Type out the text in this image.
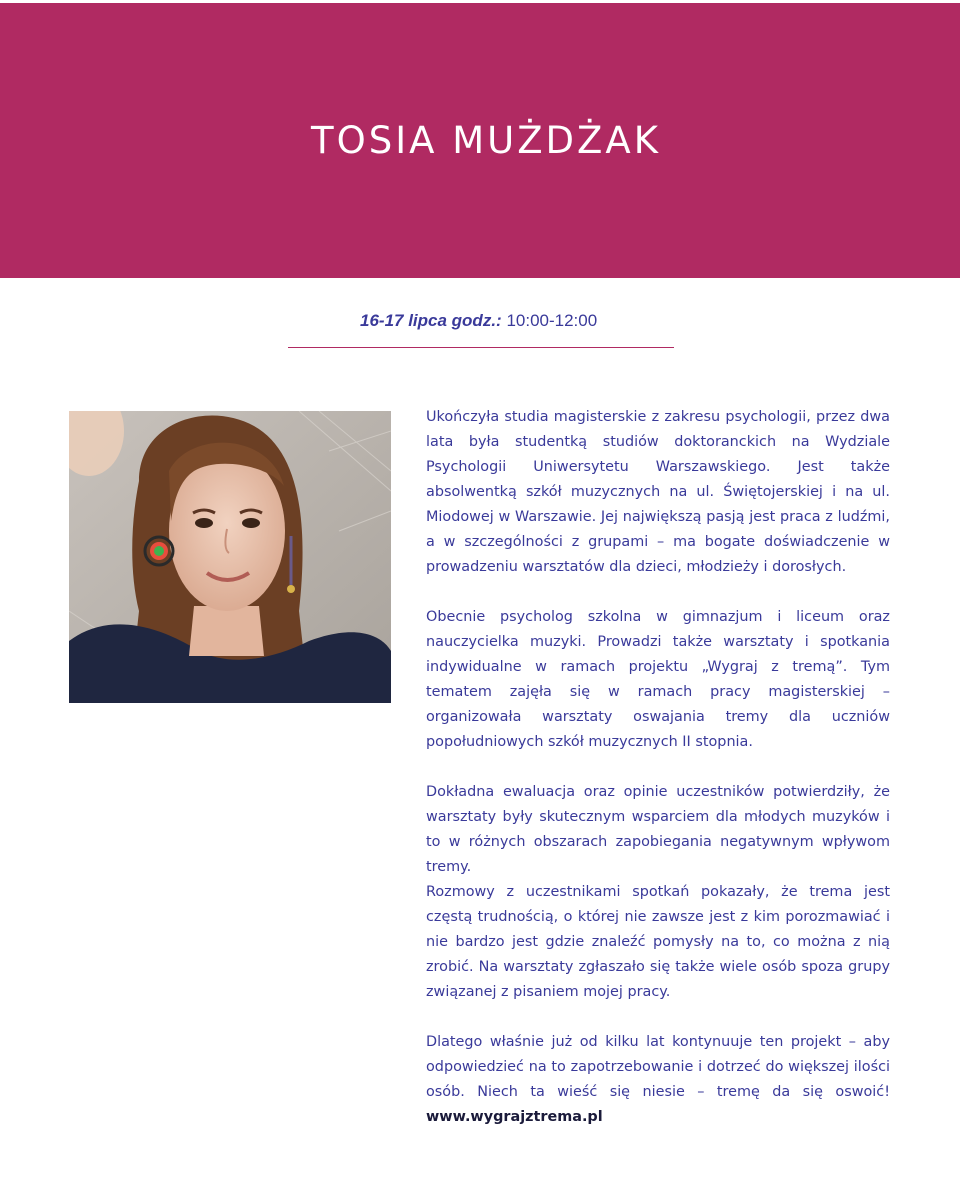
TOSIA MUŻDŻAK
16-17 lipca godz.: 10:00-12:00

Ukończyła studia magisterskie z zakresu psychologii, przez dwa lata była studentką studiów doktoranckich na Wydziale Psychologii Uniwersytetu Warszawskiego. Jest także absolwentką szkół muzycznych na ul. Świętojerskiej i na ul. Miodowej w Warszawie. Jej największą pasją jest praca z ludźmi, a w szczególności z grupami – ma bogate doświadczenie w prowadzeniu warsztatów dla dzieci, młodzieży i dorosłych.

Obecnie psycholog szkolna w gimnazjum i liceum oraz nauczycielka muzyki. Prowadzi także warsztaty i spotkania indywidualne w ramach projektu „Wygraj z tremą”. Tym tematem zajęła się w ramach pracy magisterskiej – organizowała warsztaty oswajania tremy dla uczniów popołudniowych szkół muzycznych II stopnia.

Dokładna ewaluacja oraz opinie uczestników potwierdziły, że warsztaty były skutecznym wsparciem dla młodych muzyków i to w różnych obszarach zapobiegania negatywnym wpływom tremy.

Rozmowy z uczestnikami spotkań pokazały, że trema jest częstą trudnością, o której nie zawsze jest z kim porozmawiać i nie bardzo jest gdzie znaleźć pomysły na to, co można z nią zrobić. Na warsztaty zgłaszało się także wiele osób spoza grupy związanej z pisaniem mojej pracy.

Dlatego właśnie już od kilku lat kontynuuje ten projekt – aby odpowiedzieć na to zapotrzebowanie i dotrzeć do większej ilości osób. Niech ta wieść się niesie – tremę da się oswoić! www.wygrajztrema.pl
